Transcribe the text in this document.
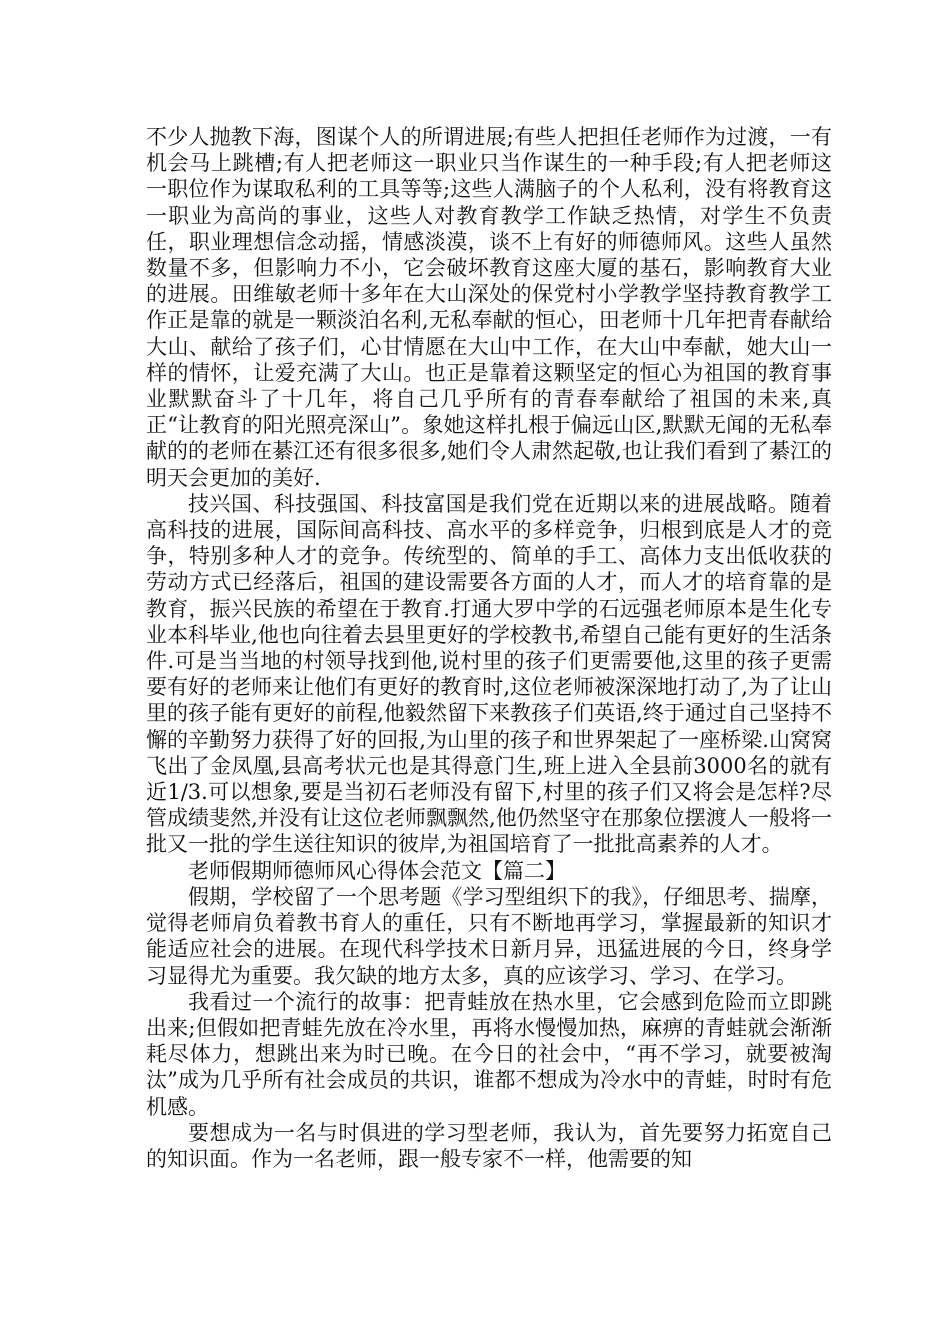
不少人抛教下海，图谋个人的所谓进展;有些人把担任老师作为过渡，一有机会马上跳槽;有人把老师这一职业只当作谋生的一种手段;有人把老师这一职位作为谋取私利的工具等等;这些人满脑子的个人私利，没有将教育这一职业为高尚的事业，这些人对教育教学工作缺乏热情，对学生不负责任，职业理想信念动摇，情感淡漠，谈不上有好的师德师风。这些人虽然数量不多，但影响力不小，它会破坏教育这座大厦的基石，影响教育大业的进展。田维敏老师十多年在大山深处的保党村小学教学坚持教育教学工作正是靠的就是一颗淡泊名利,无私奉献的恒心，田老师十几年把青春献给大山、献给了孩子们，心甘情愿在大山中工作，在大山中奉献，她大山一样的情怀，让爱充满了大山。也正是靠着这颗坚定的恒心为祖国的教育事业默默奋斗了十几年，将自己几乎所有的青春奉献给了祖国的未来,真正“让教育的阳光照亮深山”。象她这样扎根于偏远山区,默默无闻的无私奉献的的老师在綦江还有很多很多,她们令人肃然起敬,也让我们看到了綦江的明天会更加的美好.

技兴国、科技强国、科技富国是我们党在近期以来的进展战略。随着高科技的进展，国际间高科技、高水平的多样竞争，归根到底是人才的竞争，特别多种人才的竞争。传统型的、简单的手工、高体力支出低收获的劳动方式已经落后，祖国的建设需要各方面的人才，而人才的培育靠的是教育，振兴民族的希望在于教育.打通大罗中学的石远强老师原本是生化专业本科毕业,他也向往着去县里更好的学校教书,希望自己能有更好的生活条件.可是当当地的村领导找到他,说村里的孩子们更需要他,这里的孩子更需要有好的老师来让他们有更好的教育时,这位老师被深深地打动了,为了让山里的孩子能有更好的前程,他毅然留下来教孩子们英语,终于通过自己坚持不懈的辛勤努力获得了好的回报,为山里的孩子和世界架起了一座桥梁.山窝窝飞出了金凤凰,县高考状元也是其得意门生,班上进入全县前3000名的就有近1/3.可以想象,要是当初石老师没有留下,村里的孩子们又将会是怎样?尽管成绩斐然,并没有让这位老师飘飘然,他仍然坚守在那象位摆渡人一般将一批又一批的学生送往知识的彼岸,为祖国培育了一批批高素养的人才。

老师假期师德师风心得体会范文【篇二】

假期，学校留了一个思考题《学习型组织下的我》，仔细思考、揣摩，觉得老师肩负着教书育人的重任，只有不断地再学习，掌握最新的知识才能适应社会的进展。在现代科学技术日新月异，迅猛进展的今日，终身学习显得尤为重要。我欠缺的地方太多，真的应该学习、学习、在学习。

我看过一个流行的故事：把青蛙放在热水里，它会感到危险而立即跳出来;但假如把青蛙先放在冷水里，再将水慢慢加热，麻痹的青蛙就会渐渐耗尽体力，想跳出来为时已晚。在今日的社会中，“再不学习，就要被淘汰”成为几乎所有社会成员的共识，谁都不想成为冷水中的青蛙，时时有危机感。

要想成为一名与时俱进的学习型老师，我认为，首先要努力拓宽自己的知识面。作为一名老师，跟一般专家不一样，他需要的知
